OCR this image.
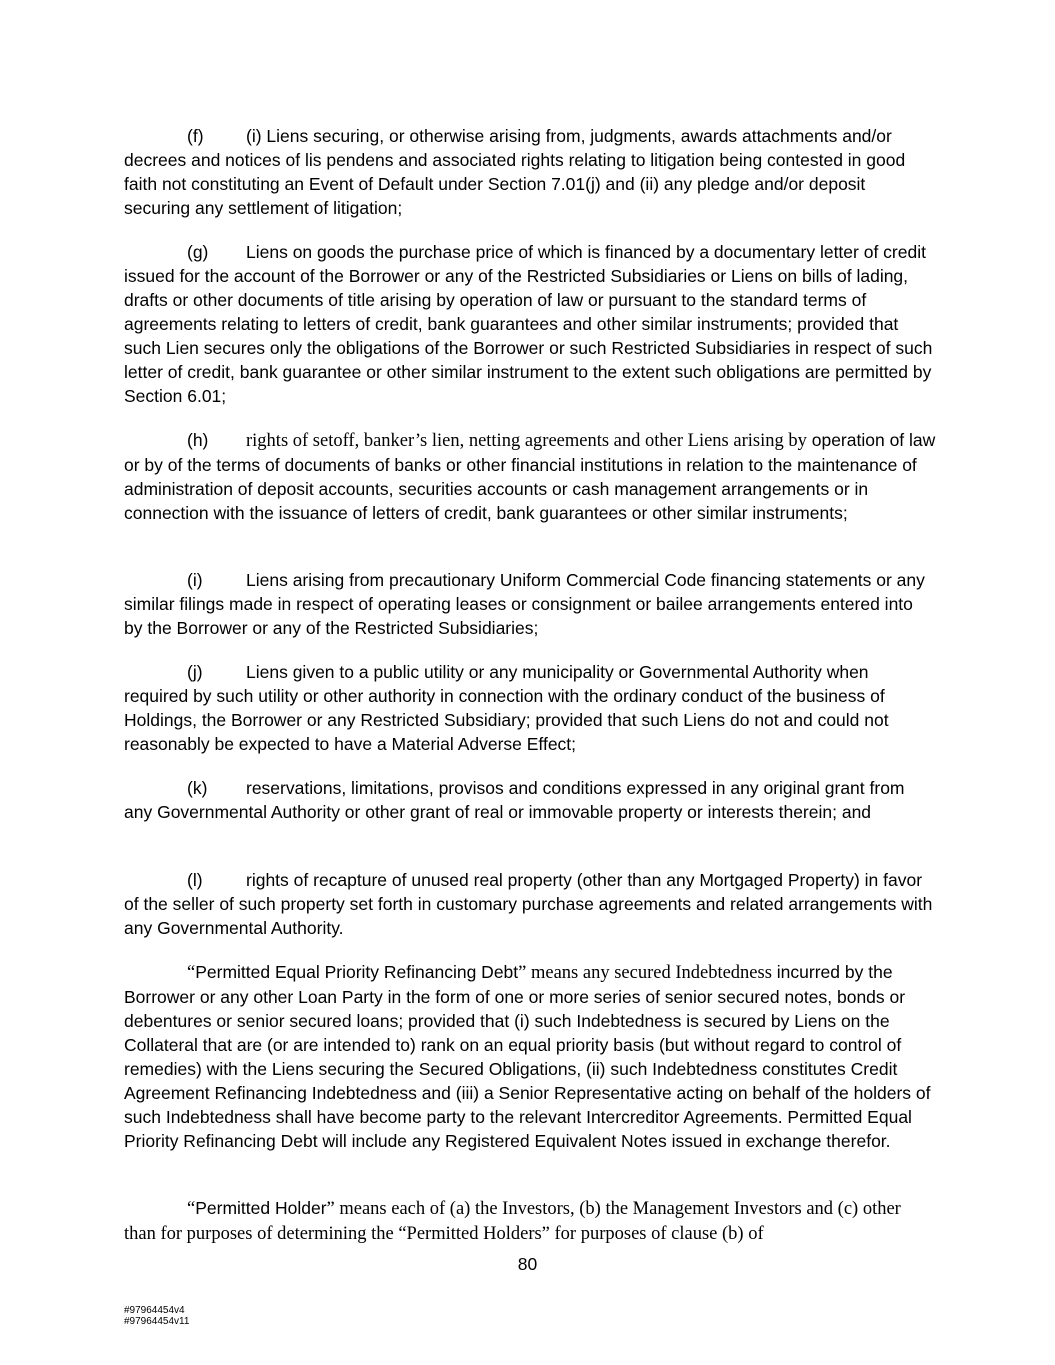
(f) (i) Liens securing, or otherwise arising from, judgments, awards attachments and/or decrees and notices of lis pendens and associated rights relating to litigation being contested in good faith not constituting an Event of Default under Section 7.01(j) and (ii) any pledge and/or deposit securing any settlement of litigation;

(g) Liens on goods the purchase price of which is financed by a documentary letter of credit issued for the account of the Borrower or any of the Restricted Subsidiaries or Liens on bills of lading, drafts or other documents of title arising by operation of law or pursuant to the standard terms of agreements relating to letters of credit, bank guarantees and other similar instruments; provided that such Lien secures only the obligations of the Borrower or such Restricted Subsidiaries in respect of such letter of credit, bank guarantee or other similar instrument to the extent such obligations are permitted by Section 6.01;

(h) rights of setoff, banker’s lien, netting agreements and other Liens arising by operation of law or by of the terms of documents of banks or other financial institutions in relation to the maintenance of administration of deposit accounts, securities accounts or cash management arrangements or in connection with the issuance of letters of credit, bank guarantees or other similar instruments;

(i) Liens arising from precautionary Uniform Commercial Code financing statements or any similar filings made in respect of operating leases or consignment or bailee arrangements entered into by the Borrower or any of the Restricted Subsidiaries;

(j) Liens given to a public utility or any municipality or Governmental Authority when required by such utility or other authority in connection with the ordinary conduct of the business of Holdings, the Borrower or any Restricted Subsidiary; provided that such Liens do not and could not reasonably be expected to have a Material Adverse Effect;

(k) reservations, limitations, provisos and conditions expressed in any original grant from any Governmental Authority or other grant of real or immovable property or interests therein; and

(l) rights of recapture of unused real property (other than any Mortgaged Property) in favor of the seller of such property set forth in customary purchase agreements and related arrangements with any Governmental Authority.

“Permitted Equal Priority Refinancing Debt” means any secured Indebtedness incurred by the Borrower or any other Loan Party in the form of one or more series of senior secured notes, bonds or debentures or senior secured loans; provided that (i) such Indebtedness is secured by Liens on the Collateral that are (or are intended to) rank on an equal priority basis (but without regard to control of remedies) with the Liens securing the Secured Obligations, (ii) such Indebtedness constitutes Credit Agreement Refinancing Indebtedness and (iii) a Senior Representative acting on behalf of the holders of such Indebtedness shall have become party to the relevant Intercreditor Agreements. Permitted Equal Priority Refinancing Debt will include any Registered Equivalent Notes issued in exchange therefor.

“Permitted Holder” means each of (a) the Investors, (b) the Management Investors and (c) other than for purposes of determining the “Permitted Holders” for purposes of clause (b) of

80
#97964454v4
#97964454v11
